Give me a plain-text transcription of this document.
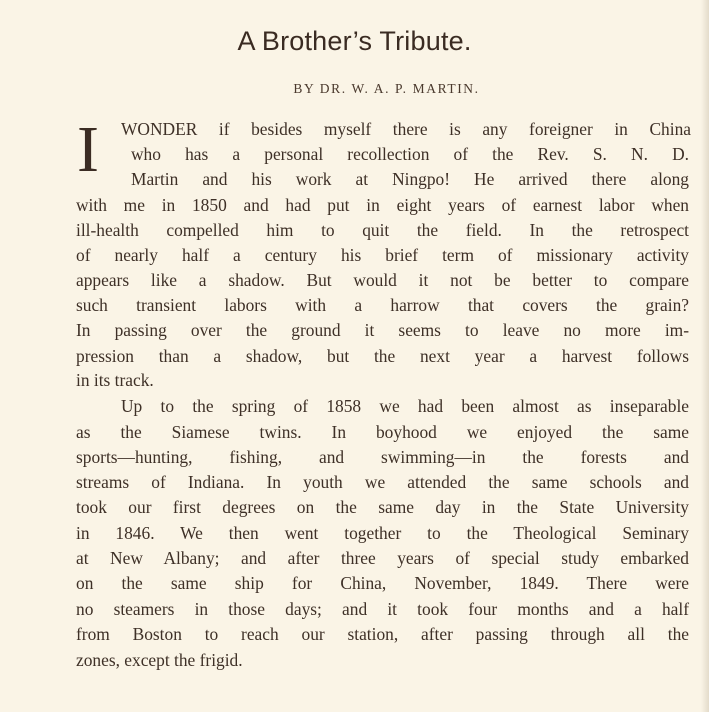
A Brother’s Tribute.
BY DR. W. A. P. MARTIN.
I WONDER if besides myself there is any foreigner in China
who has a personal recollection of the Rev. S. N. D.
Martin and his work at Ningpo! He arrived there along
with me in 1850 and had put in eight years of earnest labor when
ill-health compelled him to quit the field. In the retrospect
of nearly half a century his brief term of missionary activity
appears like a shadow. But would it not be better to compare
such transient labors with a harrow that covers the grain?
In passing over the ground it seems to leave no more im-
pression than a shadow, but the next year a harvest follows
in its track.
Up to the spring of 1858 we had been almost as inseparable
as the Siamese twins. In boyhood we enjoyed the same
sports—hunting, fishing, and swimming—in the forests and
streams of Indiana. In youth we attended the same schools and
took our first degrees on the same day in the State University
in 1846. We then went together to the Theological Seminary
at New Albany; and after three years of special study embarked
on the same ship for China, November, 1849. There were
no steamers in those days; and it took four months and a half
from Boston to reach our station, after passing through all the
zones, except the frigid.
